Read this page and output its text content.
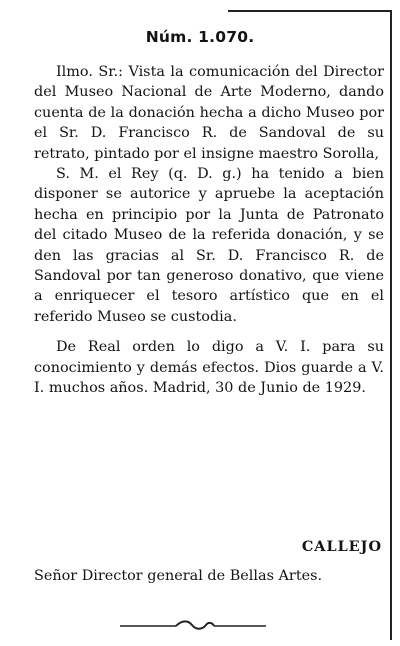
Núm. 1.070.

Ilmo. Sr.: Vista la comunicación del Director del Museo Nacional de Arte Moderno, dando cuenta de la donación hecha a dicho Museo por el Sr. D. Francisco R. de Sandoval de su retrato, pintado por el insigne maestro Sorolla,

S. M. el Rey (q. D. g.) ha tenido a bien disponer se autorice y apruebe la aceptación hecha en principio por la Junta de Patronato del citado Museo de la referida donación, y se den las gracias al Sr. D. Francisco R. de Sandoval por tan generoso donativo, que viene a enriquecer el tesoro artístico que en el referido Museo se custodia.

De Real orden lo digo a V. I. para su conocimiento y demás efectos. Dios guarde a V. I. muchos años. Madrid, 30 de Junio de 1929.

CALLEJO
Señor Director general de Bellas Artes.
